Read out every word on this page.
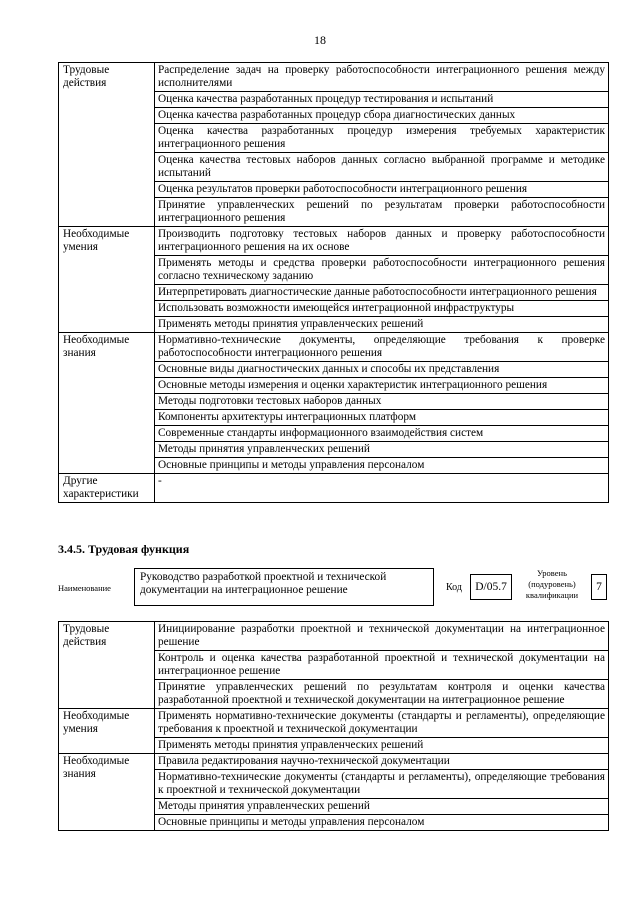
18
Трудовые действия	Распределение задач на проверку работоспособности интеграционного решения между исполнителями
	Оценка качества разработанных процедур тестирования и испытаний
	Оценка качества разработанных процедур сбора диагностических данных
	Оценка качества разработанных процедур измерения требуемых характеристик интеграционного решения
	Оценка качества тестовых наборов данных согласно выбранной программе и методике испытаний
	Оценка результатов проверки работоспособности интеграционного решения
	Принятие управленческих решений по результатам проверки работоспособности интеграционного решения
Необходимые умения	Производить подготовку тестовых наборов данных и проверку работоспособности интеграционного решения на их основе
	Применять методы и средства проверки работоспособности интеграционного решения согласно техническому заданию
	Интерпретировать диагностические данные работоспособности интеграционного решения
	Использовать возможности имеющейся интеграционной инфраструктуры
	Применять методы принятия управленческих решений
Необходимые знания	Нормативно-технические документы, определяющие требования к проверке работоспособности интеграционного решения
	Основные виды диагностических данных и способы их представления
	Основные методы измерения и оценки характеристик интеграционного решения
	Методы подготовки тестовых наборов данных
	Компоненты архитектуры интеграционных платформ
	Современные стандарты информационного взаимодействия систем
	Методы принятия управленческих решений
	Основные принципы и методы управления персоналом
Другие характеристики	-
3.4.5. Трудовая функция
Наименование
Руководство разработкой проектной и технической документации на интеграционное решение	Код	D/05.7
Уровень (подуровень) квалификации
7
Трудовые действия	Инициирование разработки проектной и технической документации на интеграционное решение
	Контроль и оценка качества разработанной проектной и технической документации на интеграционное решение
	Принятие управленческих решений по результатам контроля и оценки качества разработанной проектной и технической документации на интеграционное решение
Необходимые умения	Применять нормативно-технические документы (стандарты и регламенты), определяющие требования к проектной и технической документации
	Применять методы принятия управленческих решений
Необходимые знания	Правила редактирования научно-технической документации
	Нормативно-технические документы (стандарты и регламенты), определяющие требования к проектной и технической документации
	Методы принятия управленческих решений
	Основные принципы и методы управления персоналом
